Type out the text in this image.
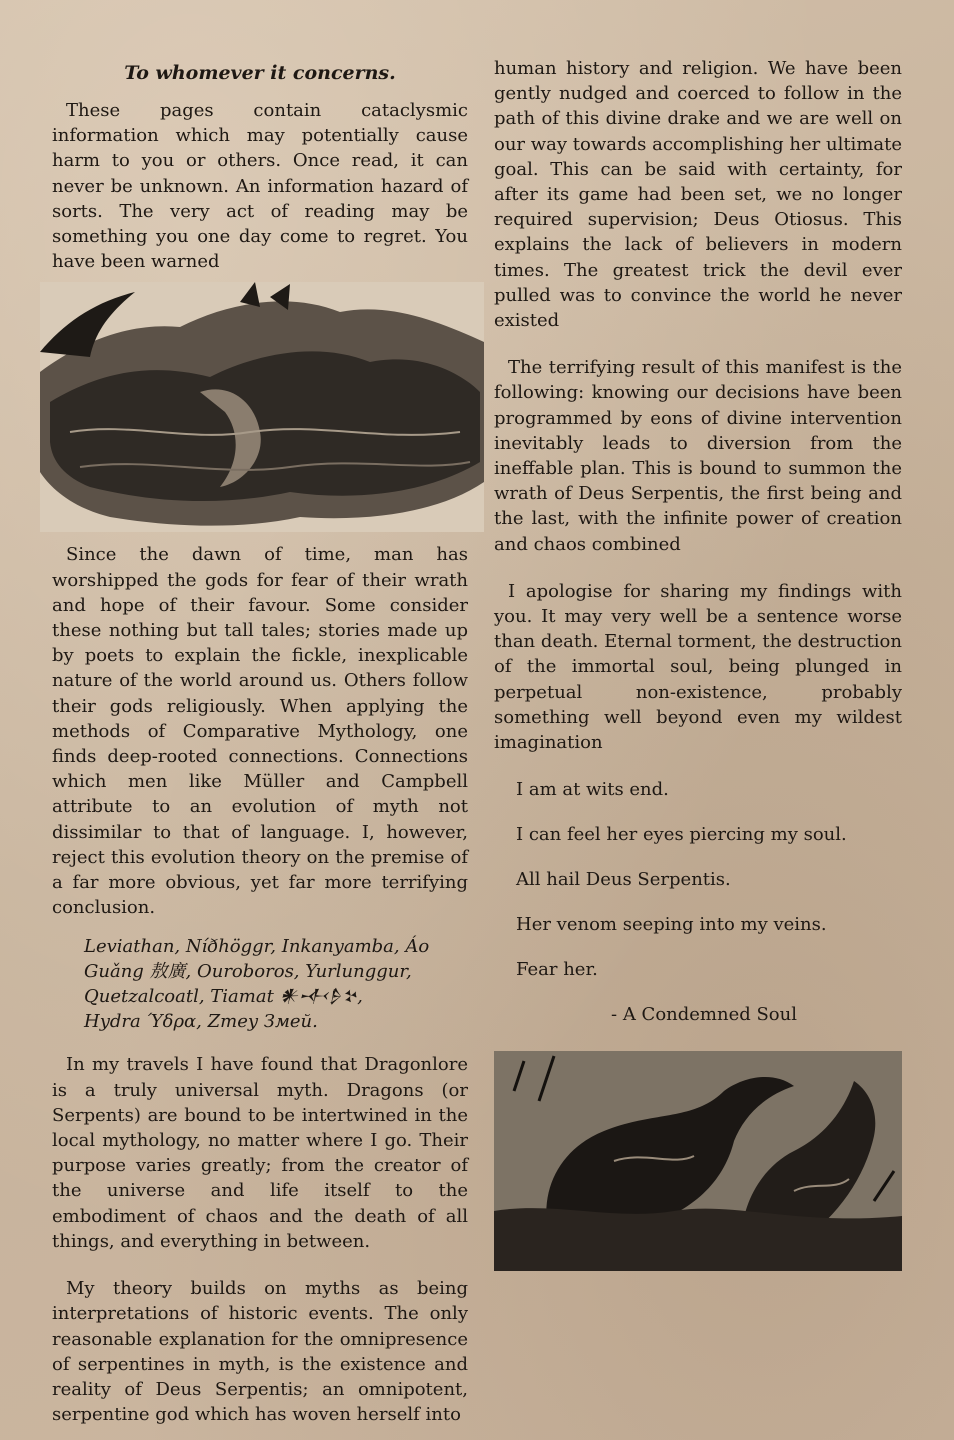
To whomever it concerns.

These pages contain cataclysmic information which may potentially cause harm to you or others. Once read, it can never be unknown. An information hazard of sorts. The very act of reading may be something you one day come to regret. You have been warned

Since the dawn of time, man has worshipped the gods for fear of their wrath and hope of their favour. Some consider these nothing but tall tales; stories made up by poets to explain the fickle, inexplicable nature of the world around us. Others follow their gods religiously. When applying the methods of Comparative Mythology, one finds deep-rooted connections. Connections which men like Müller and Campbell attribute to an evolution of myth not dissimilar to that of language. I, however, reject this evolution theory on the premise of a far more obvious, yet far more terrifying conclusion.

Leviathan, Níðhöggr, Inkanyamba, Áo
Guǎng 敖廣, Ouroboros, Yurlunggur,
Quetzalcoatl, Tiamat 𒀭𒋾𒊩𒆳,
Hydra Ύδρα, Zmey Змей.

In my travels I have found that Dragonlore is a truly universal myth. Dragons (or Serpents) are bound to be intertwined in the local mythology, no matter where I go. Their purpose varies greatly; from the creator of the universe and life itself to the embodiment of chaos and the death of all things, and everything in between.

My theory builds on myths as being interpretations of historic events. The only reasonable explanation for the omnipresence of serpentines in myth, is the existence and reality of Deus Serpentis; an omnipotent, serpentine god which has woven herself into

human history and religion. We have been gently nudged and coerced to follow in the path of this divine drake and we are well on our way towards accomplishing her ultimate goal. This can be said with certainty, for after its game had been set, we no longer required supervision; Deus Otiosus. This explains the lack of believers in modern times. The greatest trick the devil ever pulled was to convince the world he never existed

The terrifying result of this manifest is the following: knowing our decisions have been programmed by eons of divine intervention inevitably leads to diversion from the ineffable plan. This is bound to summon the wrath of Deus Serpentis, the first being and the last, with the infinite power of creation and chaos combined

I apologise for sharing my findings with you. It may very well be a sentence worse than death. Eternal torment, the destruction of the immortal soul, being plunged in perpetual non-existence, probably something well beyond even my wildest imagination

I am at wits end.
I can feel her eyes piercing my soul.
All hail Deus Serpentis.
Her venom seeping into my veins.
Fear her.
- A Condemned Soul
